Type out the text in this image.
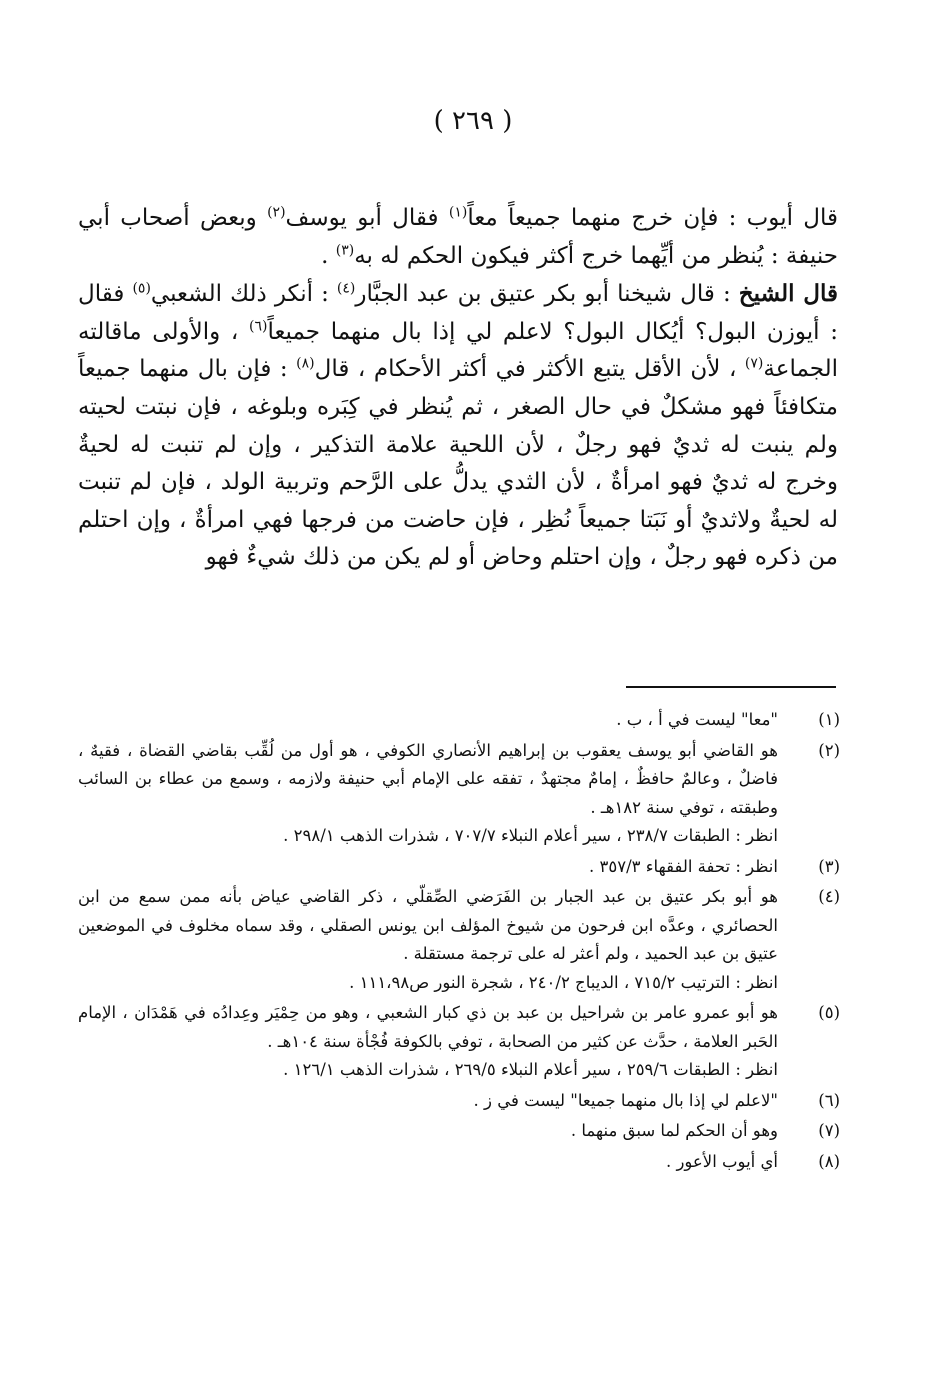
( ٢٦٩ )

قال أيوب : فإن خرج منهما جميعاً معاً$^{(١)}$ فقال أبو يوسف$^{(٢)}$ وبعض أصحاب أبي حنيفة : يُنظر من أيِّهما خرج أكثر فيكون الحكم له به$^{(٣)}$ .

قال الشيخ : قال شيخنا أبو بكر عتيق بن عبد الجبَّار$^{(٤)}$ : أنكر ذلك الشعبي$^{(٥)}$ فقال : أيوزن البول؟ أيُكال البول؟ لاعلم لي إذا بال منهما جميعاً$^{(٦)}$ ، والأولى ماقالته الجماعة$^{(٧)}$ ، لأن الأقل يتبع الأكثر في أكثر الأحكام ، قال$^{(٨)}$ : فإن بال منهما جميعاً متكافئاً فهو مشكلٌ في حال الصغر ، ثم يُنظر في كِبَره وبلوغه ، فإن نبتت لحيته ولم ينبت له ثديٌ فهو رجلٌ ، لأن اللحية علامة التذكير ، وإن لم تنبت له لحيةٌ وخرج له ثديٌ فهو امرأةٌ ، لأن الثدي يدلُّ على الرَّحم وتربية الولد ، فإن لم تنبت له لحيةٌ ولاثديٌ أو نَبَتا جميعاً نُظِر ، فإن حاضت من فرجها فهي امرأةٌ ، وإن احتلم من ذكره فهو رجلٌ ، وإن احتلم وحاض أو لم يكن من ذلك شيءٌ فهو

(١)
"معا" ليست في أ ، ب .
(٢)
هو القاضي أبو يوسف يعقوب بن إبراهيم الأنصاري الكوفي ، هو أول من لُقِّب بقاضي القضاة ، فقيهٌ ، فاضلٌ ، وعالمٌ حافظٌ ، إمامٌ مجتهدٌ ، تفقه على الإمام أبي حنيفة ولازمه ، وسمع من عطاء بن السائب وطبقته ، توفي سنة ١٨٢هـ .
انظر : الطبقات ٢٣٨/٧ ، سير أعلام النبلاء ٧٠٧/٧ ، شذرات الذهب ٢٩٨/١ .
(٣)
انظر : تحفة الفقهاء ٣٥٧/٣ .
(٤)
هو أبو بكر عتيق بن عبد الجبار بن الفَرَضي الصِّقلّي ، ذكر القاضي عياض بأنه ممن سمع من ابن الحصائري ، وعدَّه ابن فرحون من شيوخ المؤلف ابن يونس الصقلي ، وقد سماه مخلوف في الموضعين عتيق بن عبد الحميد ، ولم أعثر له على ترجمة مستقلة .
انظر : الترتيب ٧١٥/٢ ، الديباج ٢٤٠/٢ ، شجرة النور ص١١١،٩٨ .
(٥)
هو أبو عمرو عامر بن شراحيل بن عبد بن ذي كبار الشعبي ، وهو من حِمْيَر وعِدادُه في هَمْدَان ، الإمام الحَبر العلامة ، حدَّث عن كثير من الصحابة ، توفي بالكوفة فُجْأة سنة ١٠٤هـ .
انظر : الطبقات ٢٥٩/٦ ، سير أعلام النبلاء ٢٦٩/٥ ، شذرات الذهب ١٢٦/١ .
(٦)
"لاعلم لي إذا بال منهما جميعا" ليست في ز .
(٧)
وهو أن الحكم لما سبق منهما .
(٨)
أي أيوب الأعور .
